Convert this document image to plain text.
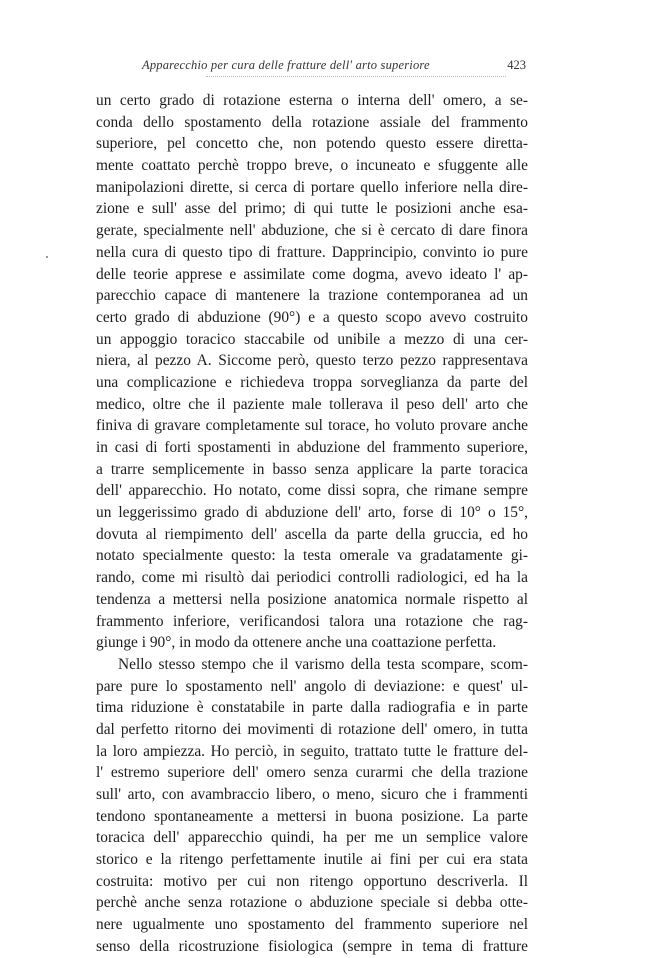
Apparecchio per cura delle fratture dell' arto superiore	423
un certo grado di rotazione esterna o interna dell' omero, a se-
conda dello spostamento della rotazione assiale del frammento
superiore, pel concetto che, non potendo questo essere diretta-
mente coattato perchè troppo breve, o incuneato e sfuggente alle
manipolazioni dirette, si cerca di portare quello inferiore nella dire-
zione e sull' asse del primo; di qui tutte le posizioni anche esa-
gerate, specialmente nell' abduzione, che si è cercato di dare finora
nella cura di questo tipo di fratture. Dapprincipio, convinto io pure
delle teorie apprese e assimilate come dogma, avevo ideato l' ap-
parecchio capace di mantenere la trazione contemporanea ad un
certo grado di abduzione (90°) e a questo scopo avevo costruito
un appoggio toracico staccabile od unibile a mezzo di una cer-
niera, al pezzo A. Siccome però, questo terzo pezzo rappresentava
una complicazione e richiedeva troppa sorveglianza da parte del
medico, oltre che il paziente male tollerava il peso dell' arto che
finiva di gravare completamente sul torace, ho voluto provare anche
in casi di forti spostamenti in abduzione del frammento superiore,
a trarre semplicemente in basso senza applicare la parte toracica
dell' apparecchio. Ho notato, come dissi sopra, che rimane sempre
un leggerissimo grado di abduzione dell' arto, forse di 10° o 15°,
dovuta al riempimento dell' ascella da parte della gruccia, ed ho
notato specialmente questo: la testa omerale va gradatamente gi-
rando, come mi risultò dai periodici controlli radiologici, ed ha la
tendenza a mettersi nella posizione anatomica normale rispetto al
frammento inferiore, verificandosi talora una rotazione che rag-
giunge i 90°, in modo da ottenere anche una coattazione perfetta.
Nello stesso stempo che il varismo della testa scompare, scom-
pare pure lo spostamento nell' angolo di deviazione: e quest' ul-
tima riduzione è constatabile in parte dalla radiografia e in parte
dal perfetto ritorno dei movimenti di rotazione dell' omero, in tutta
la loro ampiezza. Ho perciò, in seguito, trattato tutte le fratture del-
l' estremo superiore dell' omero senza curarmi che della trazione
sull' arto, con avambraccio libero, o meno, sicuro che i frammenti
tendono spontaneamente a mettersi in buona posizione. La parte
toracica dell' apparecchio quindi, ha per me un semplice valore
storico e la ritengo perfettamente inutile ai fini per cui era stata
costruita: motivo per cui non ritengo opportuno descriverla. Il
perchè anche senza rotazione o abduzione speciale si debba otte-
nere ugualmente uno spostamento del frammento superiore nel
senso della ricostruzione fisiologica (sempre in tema di fratture
